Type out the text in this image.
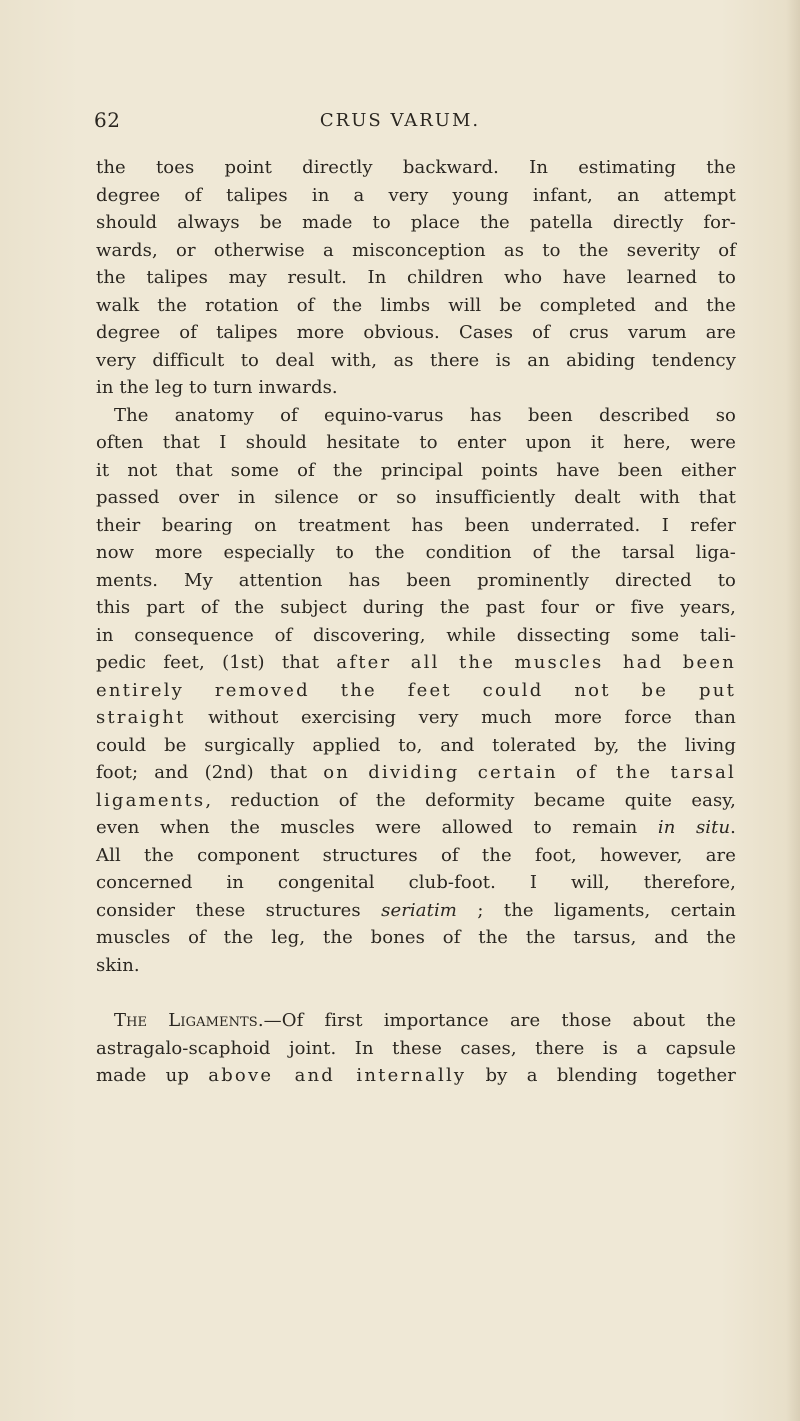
62	CRUS VARUM.
the toes point directly backward. In estimating the
degree of talipes in a very young infant, an attempt
should always be made to place the patella directly for-
wards, or otherwise a misconception as to the severity of
the talipes may result. In children who have learned to
walk the rotation of the limbs will be completed and the
degree of talipes more obvious. Cases of crus varum are
very difficult to deal with, as there is an abiding tendency
in the leg to turn inwards.
The anatomy of equino-varus has been described so
often that I should hesitate to enter upon it here, were
it not that some of the principal points have been either
passed over in silence or so insufficiently dealt with that
their bearing on treatment has been underrated. I refer
now more especially to the condition of the tarsal liga-
ments. My attention has been prominently directed to
this part of the subject during the past four or five years,
in consequence of discovering, while dissecting some tali-
pedic feet, (1st) that after all the muscles had been
entirely removed the feet could not be put
straight without exercising very much more force than
could be surgically applied to, and tolerated by, the living
foot; and (2nd) that on dividing certain of the tarsal
ligaments, reduction of the deformity became quite easy,
even when the muscles were allowed to remain in situ.
All the component structures of the foot, however, are
concerned in congenital club-foot. I will, therefore,
consider these structures seriatim ; the ligaments, certain
muscles of the leg, the bones of the the tarsus, and the
skin.
The Ligaments.—Of first importance are those about the
astragalo-scaphoid joint. In these cases, there is a capsule
made up above and internally by a blending together
